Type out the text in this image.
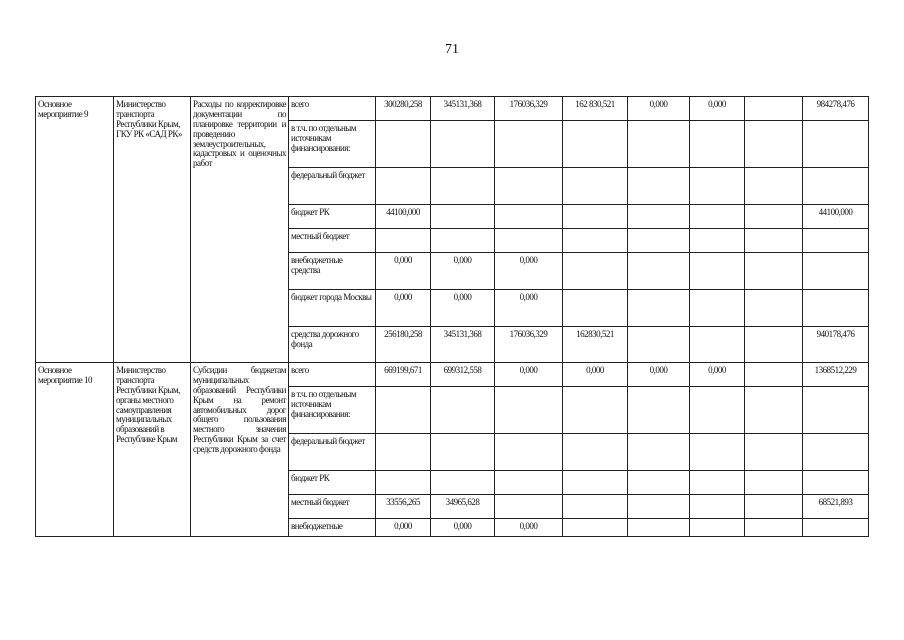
71
Основное мероприятие 9	Министерство транспорта Республики Крым, ГКУ РК «САД РК»	Расходы по корректировке документации по планировке территории и проведению землеустроительных, кадастровых и оценочных работ	всего	300280,258	345131,368	176036,329	162 830,521	0,000	0,000		984278,476
			в т.ч. по отдельным источникам финансирования:								
			федеральный бюджет								
			бюджет РК	44100,000							44100,000
			местный бюджет								
			внебюджетные средства	0,000	0,000	0,000					
			бюджет города Москвы	0,000	0,000	0,000					
			средства дорожного фонда	256180,258	345131,368	176036,329	162830,521				940178,476
Основное мероприятие 10	Министерство транспорта Республики Крым, органы местного самоуправления муниципальных образований в Республике Крым	Субсидии бюджетам муниципальных образований Республики Крым на ремонт автомобильных дорог общего пользования местного значения Республики Крым за счет средств дорожного фонда	всего	669199,671	699312,558	0,000	0,000	0,000	0,000		1368512,229
			в т.ч. по отдельным источникам финансирования:								
			федеральный бюджет								
			бюджет РК								
			местный бюджет	33556,265	34965,628						68521,893
			внебюджетные	0,000	0,000	0,000					
